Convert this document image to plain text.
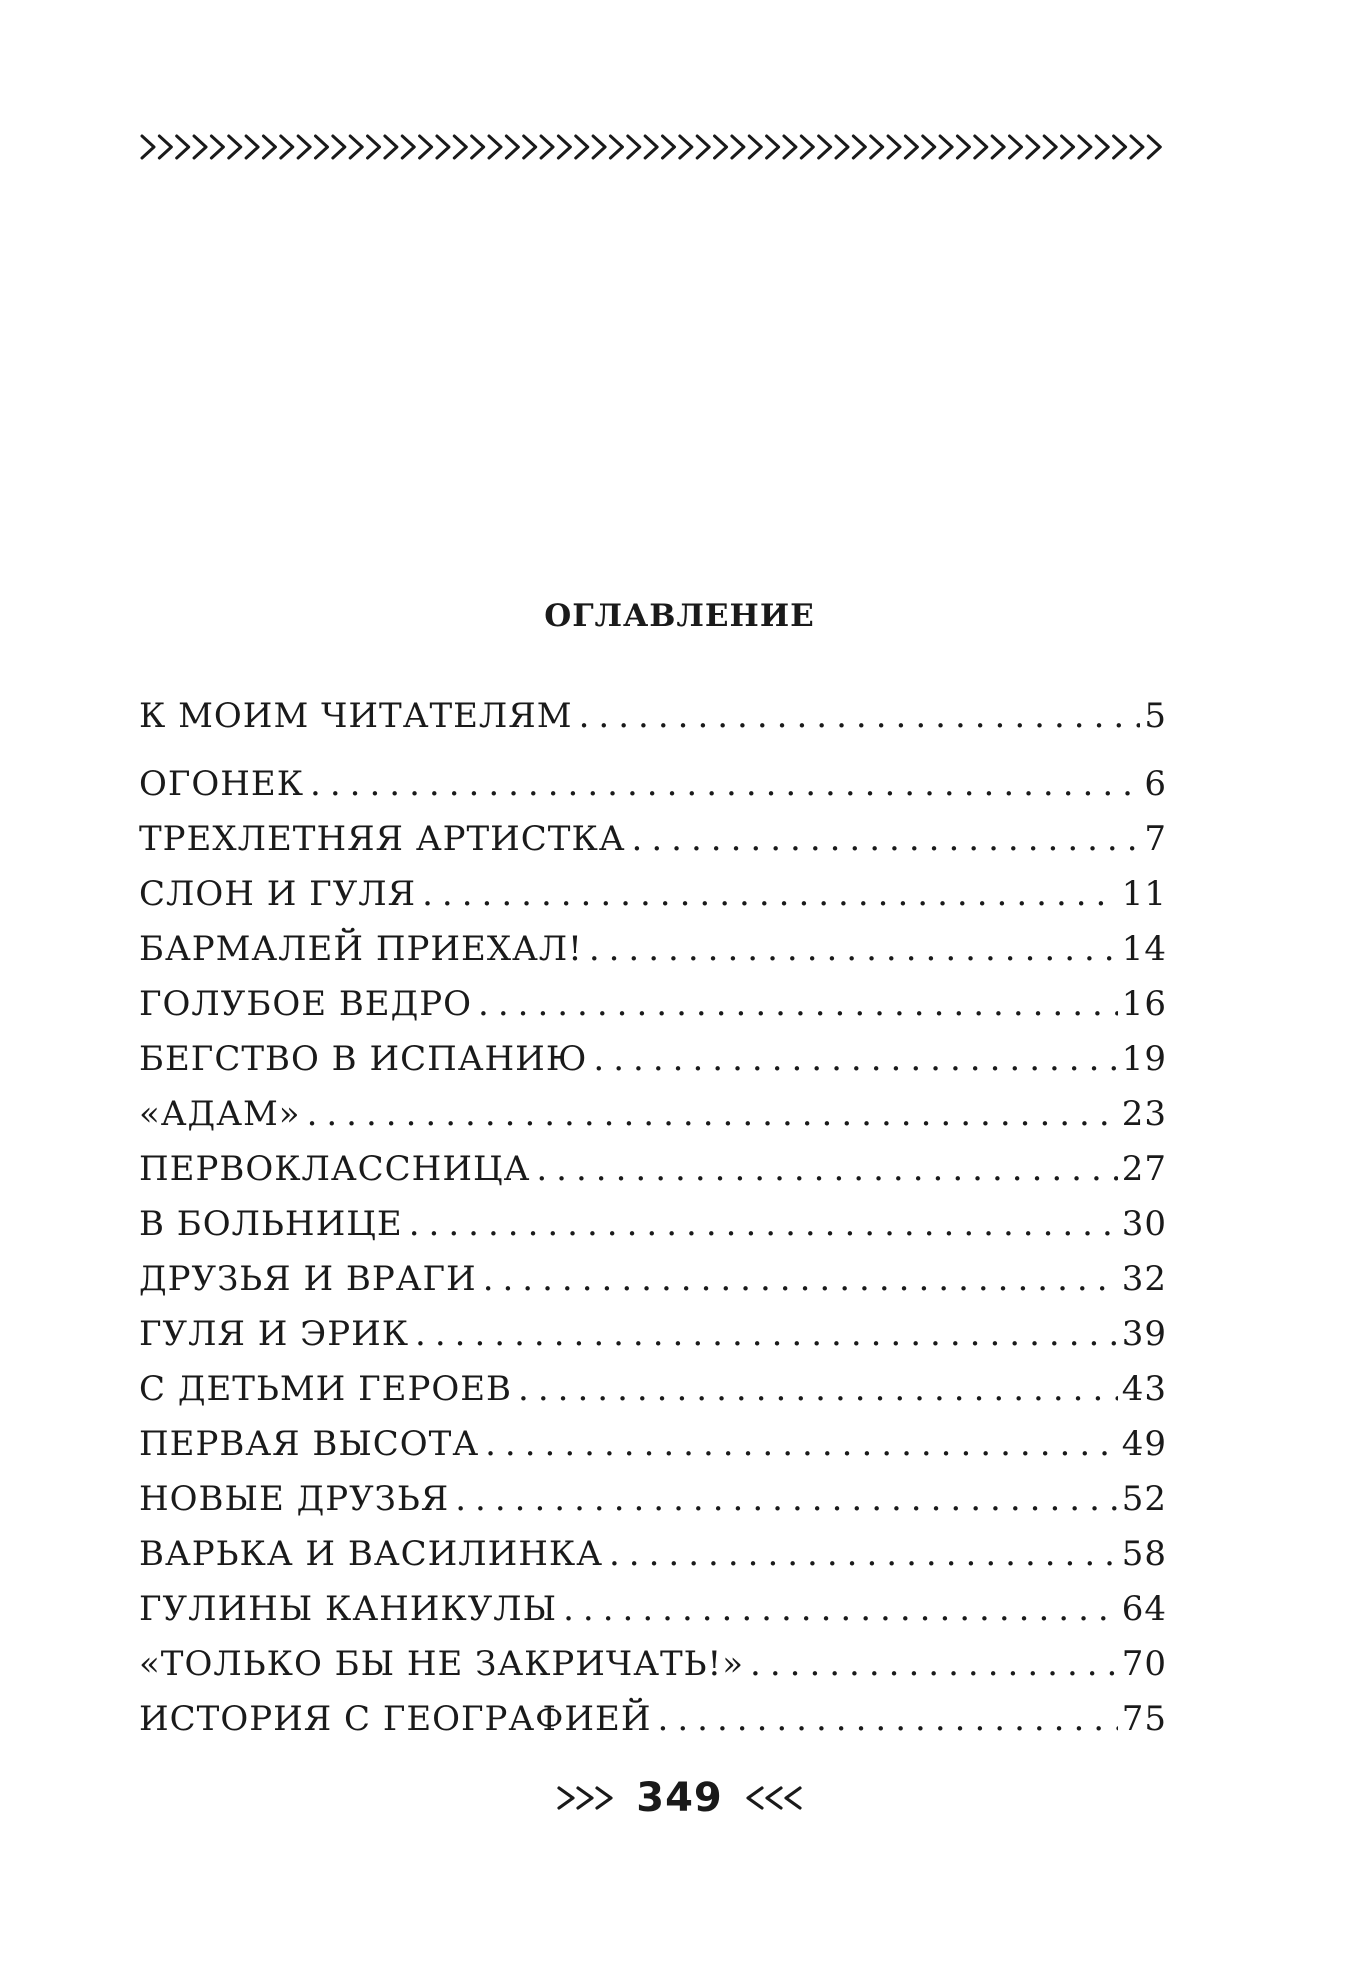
ОГЛАВЛЕНИЕ
К МОИМ ЧИТАТЕЛЯМ .....	5
ОГОНЕК .....	6
ТРЕХЛЕТНЯЯ АРТИСТКА .....	7
СЛОН И ГУЛЯ .....	11
БАРМАЛЕЙ ПРИЕХАЛ! .....	14
ГОЛУБОЕ ВЕДРО .....	16
БЕГСТВО В ИСПАНИЮ .....	19
«АДАМ» .....	23
ПЕРВОКЛАССНИЦА .....	27
В БОЛЬНИЦЕ .....	30
ДРУЗЬЯ И ВРАГИ .....	32
ГУЛЯ И ЭРИК .....	39
С ДЕТЬМИ ГЕРОЕВ .....	43
ПЕРВАЯ ВЫСОТА .....	49
НОВЫЕ ДРУЗЬЯ .....	52
ВАРЬКА И ВАСИЛИНКА .....	58
ГУЛИНЫ КАНИКУЛЫ .....	64
«ТОЛЬКО БЫ НЕ ЗАКРИЧАТЬ!» .....	70
ИСТОРИЯ С ГЕОГРАФИЕЙ .....	75
349
